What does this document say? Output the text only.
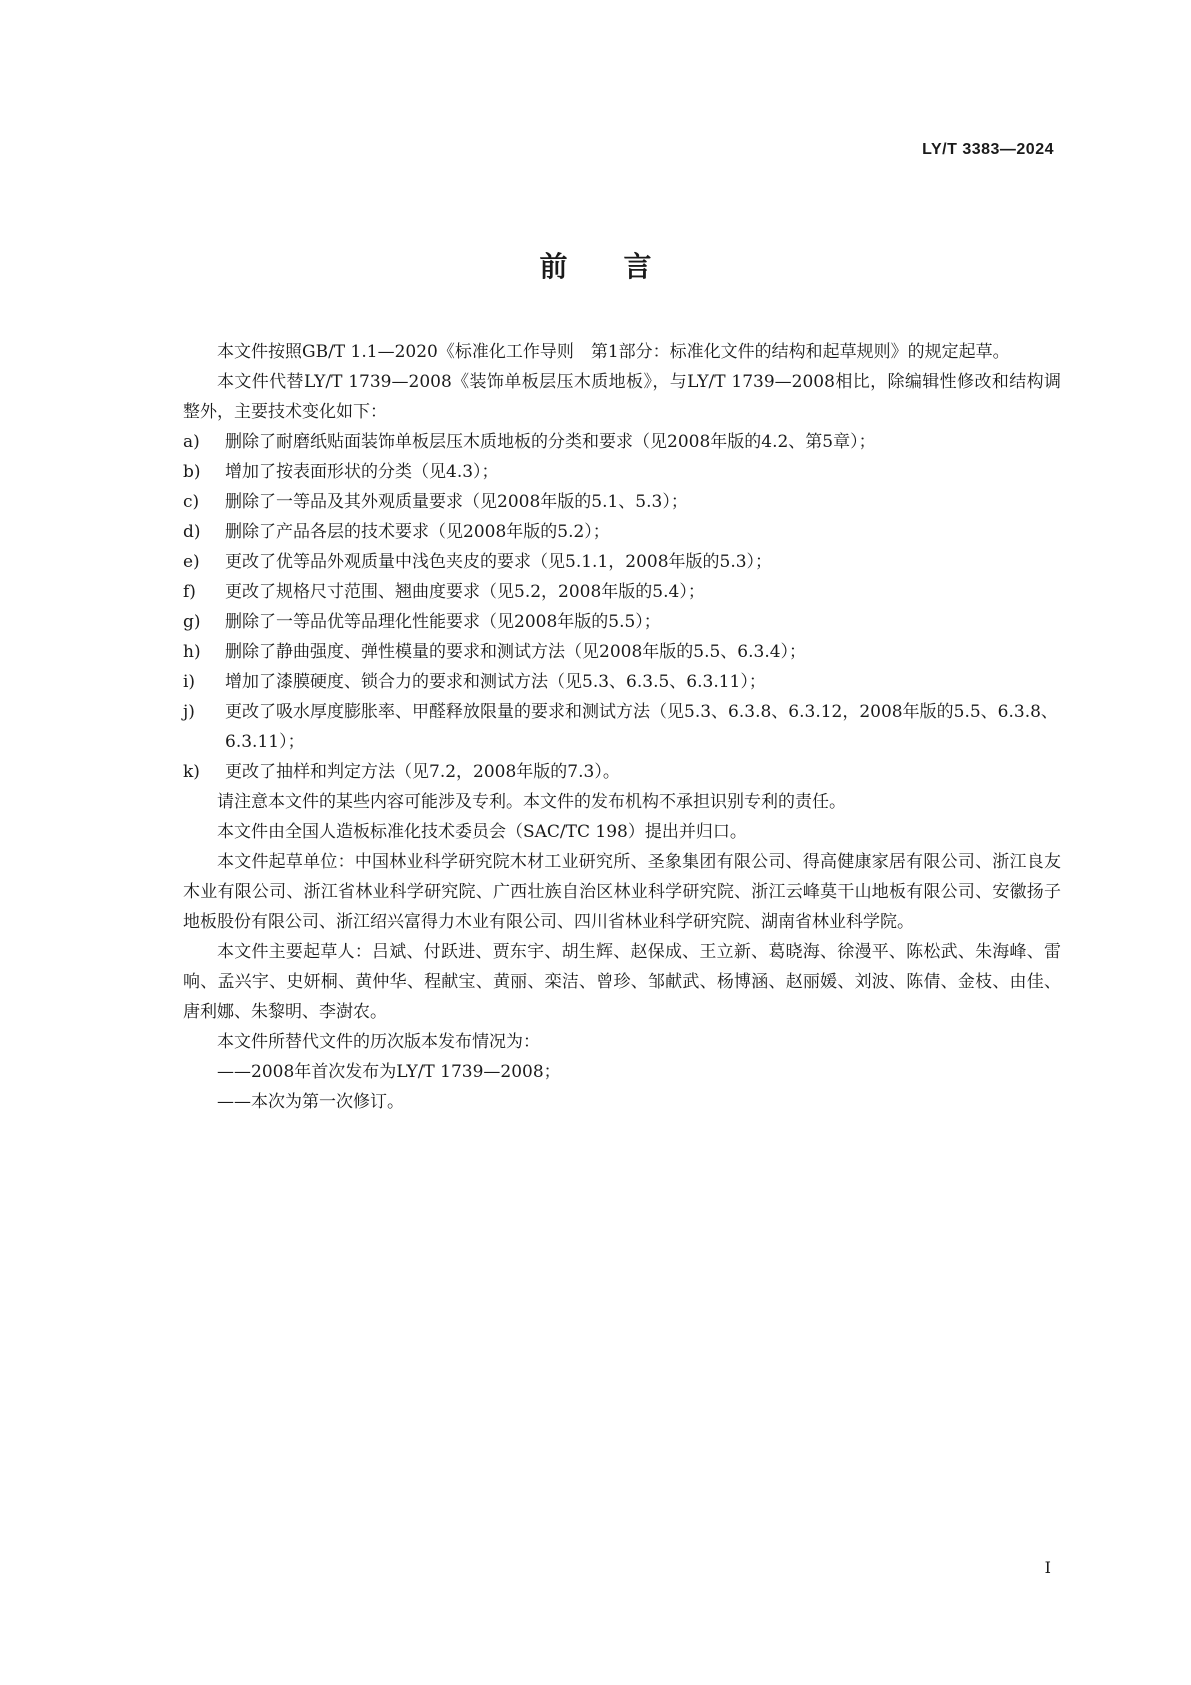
LY/T 3383—2024
前言

本文件按照GB/T 1.1—2020《标准化工作导则　第1部分：标准化文件的结构和起草规则》的规定起草。

本文件代替LY/T 1739—2008《装饰单板层压木质地板》，与LY/T 1739—2008相比，除编辑性修改和结构调整外，主要技术变化如下：

a)	删除了耐磨纸贴面装饰单板层压木质地板的分类和要求（见2008年版的4.2、第5章）；
b)	增加了按表面形状的分类（见4.3）；
c)	删除了一等品及其外观质量要求（见2008年版的5.1、5.3）；
d)	删除了产品各层的技术要求（见2008年版的5.2）；
e)	更改了优等品外观质量中浅色夹皮的要求（见5.1.1，2008年版的5.3）；
f)	更改了规格尺寸范围、翘曲度要求（见5.2，2008年版的5.4）；
g)	删除了一等品优等品理化性能要求（见2008年版的5.5）；
h)	删除了静曲强度、弹性模量的要求和测试方法（见2008年版的5.5、6.3.4）；
i)	增加了漆膜硬度、锁合力的要求和测试方法（见5.3、6.3.5、6.3.11）；
j)	更改了吸水厚度膨胀率、甲醛释放限量的要求和测试方法（见5.3、6.3.8、6.3.12，2008年版的5.5、6.3.8、6.3.11）；
k)	更改了抽样和判定方法（见7.2，2008年版的7.3）。

请注意本文件的某些内容可能涉及专利。本文件的发布机构不承担识别专利的责任。

本文件由全国人造板标准化技术委员会（SAC/TC 198）提出并归口。

本文件起草单位：中国林业科学研究院木材工业研究所、圣象集团有限公司、得高健康家居有限公司、浙江良友木业有限公司、浙江省林业科学研究院、广西壮族自治区林业科学研究院、浙江云峰莫干山地板有限公司、安徽扬子地板股份有限公司、浙江绍兴富得力木业有限公司、四川省林业科学研究院、湖南省林业科学院。

本文件主要起草人：吕斌、付跃进、贾东宇、胡生辉、赵保成、王立新、葛晓海、徐漫平、陈松武、朱海峰、雷响、孟兴宇、史妍桐、黄仲华、程献宝、黄丽、栾洁、曾珍、邹献武、杨博涵、赵丽媛、刘波、陈倩、金枝、由佳、唐利娜、朱黎明、李澍农。

本文件所替代文件的历次版本发布情况为：

——2008年首次发布为LY/T 1739—2008；

——本次为第一次修订。

I
